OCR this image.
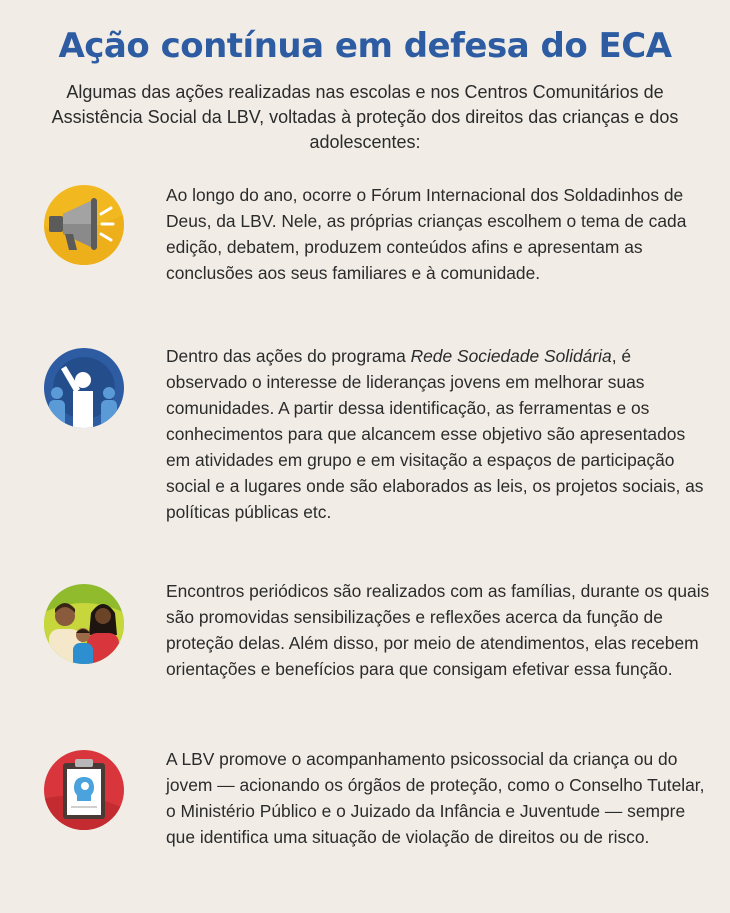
Ação contínua em defesa do ECA
Algumas das ações realizadas nas escolas e nos Centros Comunitários de Assistência Social da LBV, voltadas à proteção dos direitos das crianças e dos adolescentes:
Ao longo do ano, ocorre o Fórum Internacional dos Soldadinhos de Deus, da LBV. Nele, as próprias crianças escolhem o tema de cada edição, debatem, produzem conteúdos afins e apresentam as conclusões aos seus familiares e à comunidade.
Dentro das ações do programa Rede Sociedade Solidária, é observado o interesse de lideranças jovens em melhorar suas comunidades. A partir dessa identificação, as ferramentas e os conhecimentos para que alcancem esse objetivo são apresentados em atividades em grupo e em visitação a espaços de participação social e a lugares onde são elaborados as leis, os projetos sociais, as políticas públicas etc.
Encontros periódicos são realizados com as famílias, durante os quais são promovidas sensibilizações e reflexões acerca da função de proteção delas. Além disso, por meio de atendimentos, elas recebem orientações e benefícios para que consigam efetivar essa função.
A LBV promove o acompanhamento psicossocial da criança ou do jovem — acionando os órgãos de proteção, como o Conselho Tutelar, o Ministério Público e o Juizado da Infância e Juventude — sempre que identifica uma situação de violação de direitos ou de risco.
